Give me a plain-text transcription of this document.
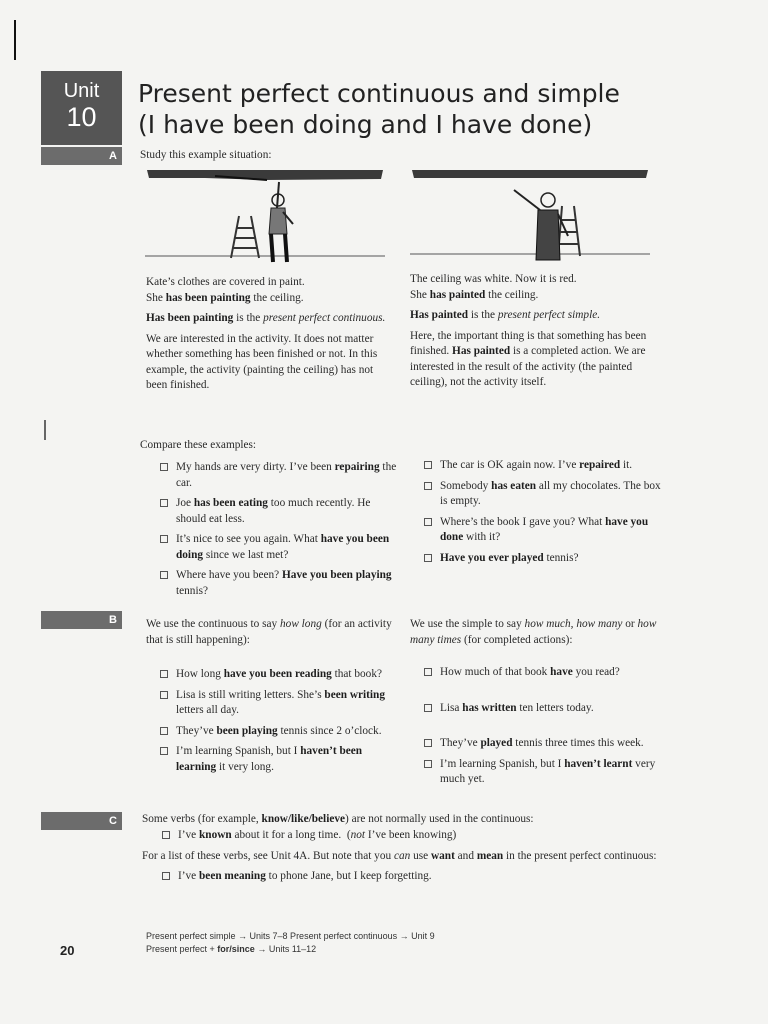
Unit
10
Present perfect continuous and simple
(I have been doing and I have done)
A
B
C
Study this example situation:
Kate’s clothes are covered in paint.
She has been painting the ceiling.
Has been painting is the present perfect continuous.
We are interested in the activity. It does not matter whether something has been finished or not. In this example, the activity (painting the ceiling) has not been finished.
The ceiling was white. Now it is red.
She has painted the ceiling.
Has painted is the present perfect simple.
Here, the important thing is that something has been finished. Has painted is a completed action. We are interested in the result of the activity (the painted ceiling), not the activity itself.
Compare these examples:
My hands are very dirty. I’ve been repairing the car.
Joe has been eating too much recently. He should eat less.
It’s nice to see you again. What have you been doing since we last met?
Where have you been? Have you been playing tennis?
The car is OK again now. I’ve repaired it.
Somebody has eaten all my chocolates. The box is empty.
Where’s the book I gave you? What have you done with it?
Have you ever played tennis?
We use the continuous to say how long (for an activity that is still happening):
We use the simple to say how much, how many or how many times (for completed actions):
How long have you been reading that book?
Lisa is still writing letters. She’s been writing letters all day.
They’ve been playing tennis since 2 o’clock.
I’m learning Spanish, but I haven’t been learning it very long.
How much of that book have you read?
Lisa has written ten letters today.
They’ve played tennis three times this week.
I’m learning Spanish, but I haven’t learnt very much yet.
Some verbs (for example, know/like/believe) are not normally used in the continuous:
I’ve known about it for a long time. (not I’ve been knowing)
For a list of these verbs, see Unit 4A. But note that you can use want and mean in the present perfect continuous:
I’ve been meaning to phone Jane, but I keep forgetting.
Present perfect simple → Units 7–8 Present perfect continuous → Unit 9
Present perfect + for/since → Units 11–12
20
